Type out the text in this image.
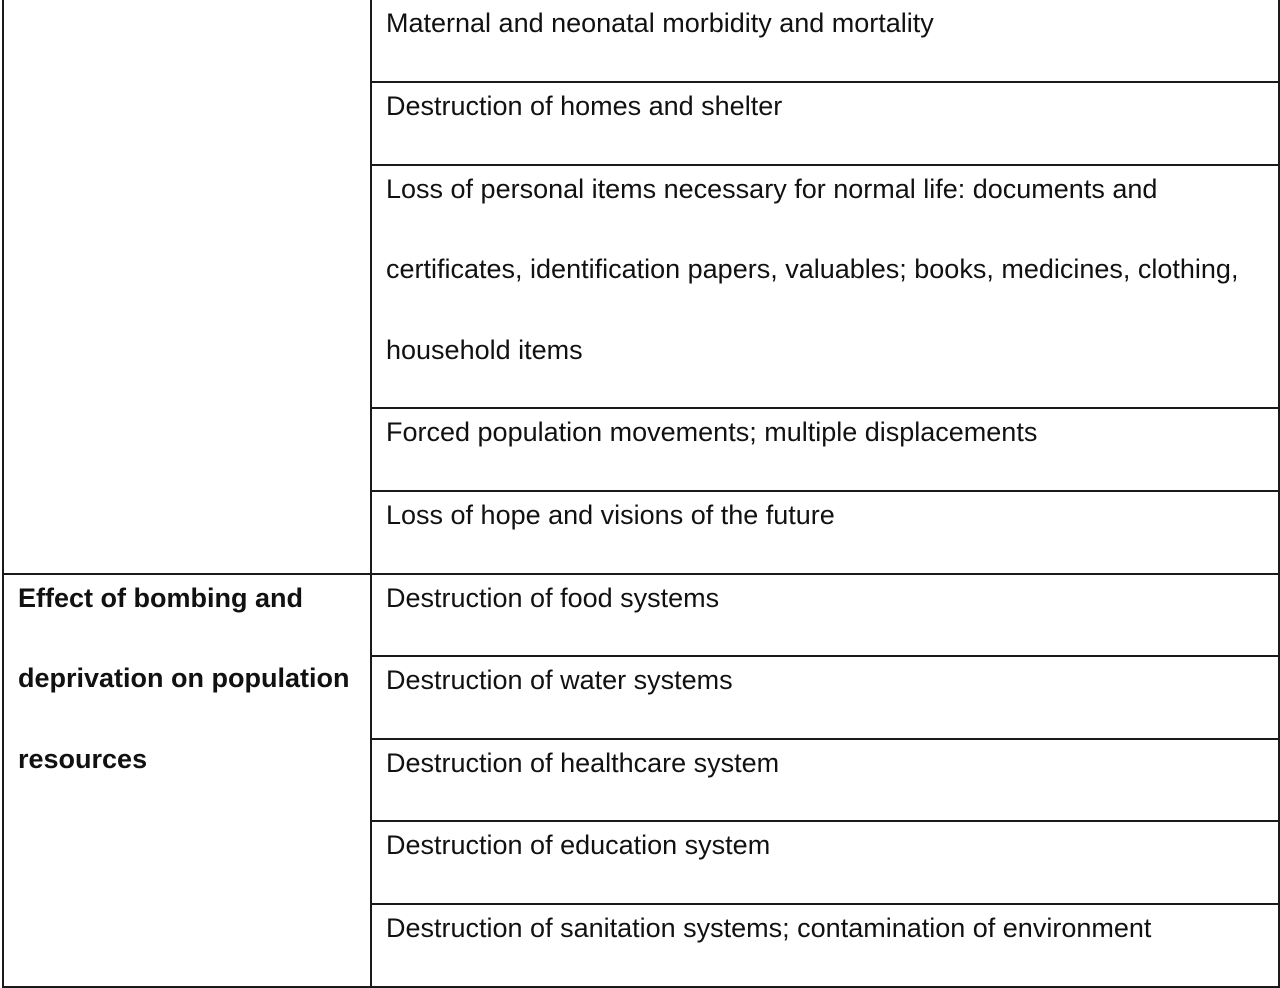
	Maternal and neonatal morbidity and mortality

	Destruction of homes and shelter

	Loss of personal items necessary for normal life: documents and certificates, identification papers, valuables; books, medicines, clothing, household items

	Forced population movements; multiple displacements

	Loss of hope and visions of the future

Effect of bombing and deprivation on population resources	Destruction of food systems

	Destruction of water systems

	Destruction of healthcare system

	Destruction of education system

	Destruction of sanitation systems; contamination of environment
